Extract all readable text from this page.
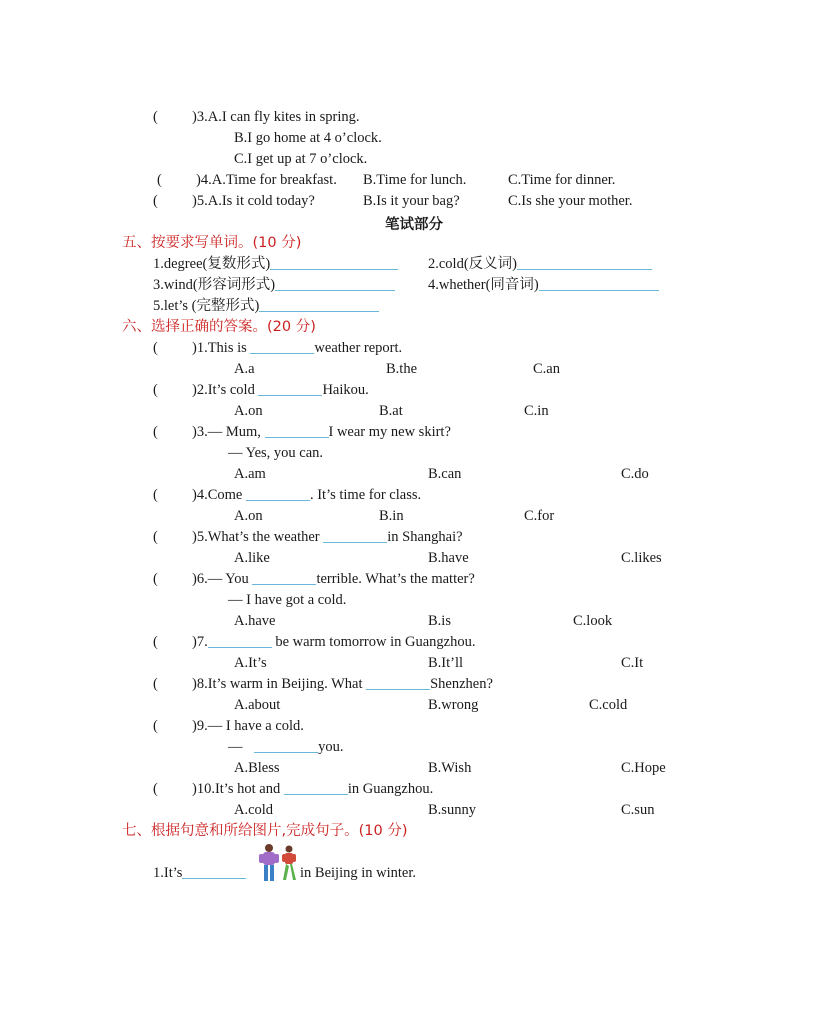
( )3.A.I can fly kites in spring.
B.I go home at 4 o’clock.
C.I get up at 7 o’clock.
( )4.A.Time for breakfast. B.Time for lunch.	C.Time for dinner.
( )5.A.Is it cold today?	B.Is it your bag?	C.Is she your mother.
笔试部分
五、按要求写单词。(10 分)
1.degree(复数形式)	2.cold(反义词)
3.wind(形容词形式)	4.whether(同音词)
5.let’s (完整形式)
六、选择正确的答案。(20 分)
( )1.This is	weather report.
A.a	B.the	C.an
( )2.It’s cold	Haikou.
A.on	B.at	C.in
( )3.— Mum,	I wear my new skirt?
— Yes, you can.
A.am	B.can	C.do
( )4.Come	. It’s time for class.
A.on	B.in	C.for
( )5.What’s the weather	in Shanghai?
A.like	B.have	C.likes
( )6.— You	terrible. What’s the matter?
— I have got a cold.
A.have	B.is	C.look
( )7.	be warm tomorrow in Guangzhou.
A.It’s	B.It’ll	C.It
( )8.It’s warm in Beijing. What	Shenzhen?
A.about	B.wrong	C.cold
( )9.— I have a cold.
—	you.
A.Bless	B.Wish	C.Hope
( )10.It’s hot and	in Guangzhou.
A.cold	B.sunny	C.sun
七、根据句意和所给图片,完成句子。(10 分)
1.It’s	in Beijing in winter.
